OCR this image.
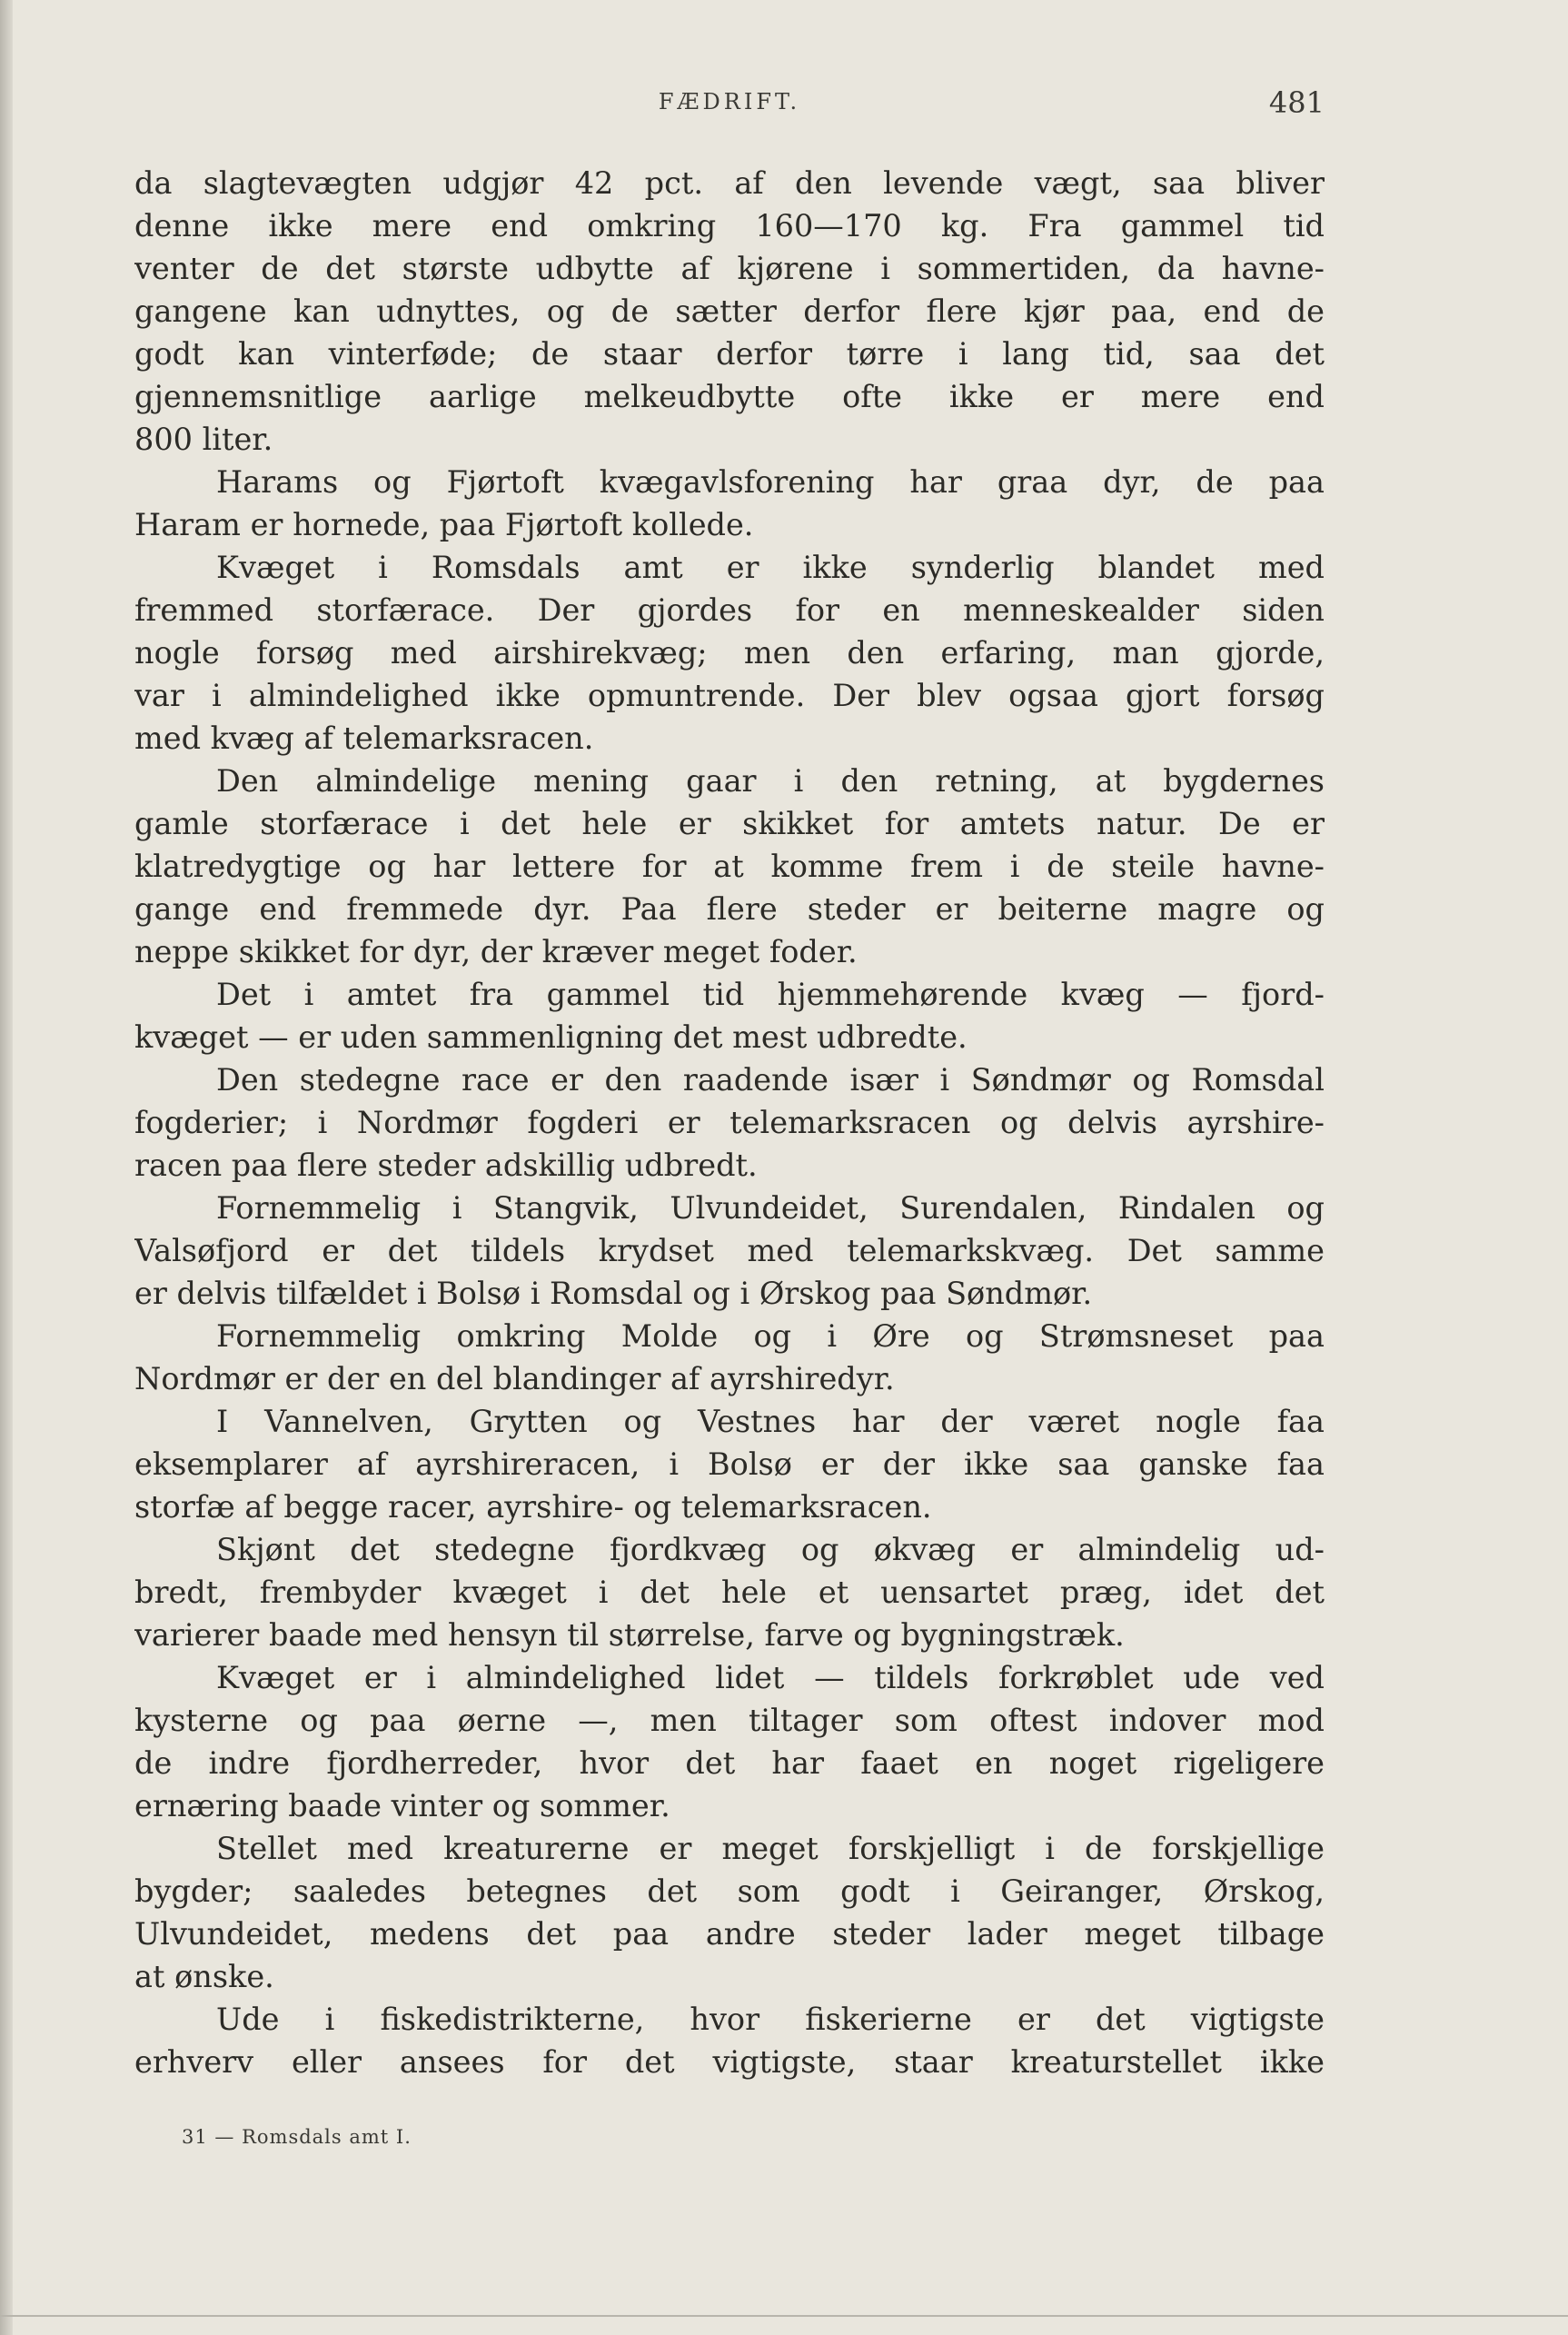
FÆDRIFT.	481
da slagtevægten udgjør 42 pct. af den levende vægt, saa bliver
denne ikke mere end omkring 160—170 kg. Fra gammel tid
venter de det største udbytte af kjørene i sommertiden, da havne-
gangene kan udnyttes, og de sætter derfor flere kjør paa, end de
godt kan vinterføde; de staar derfor tørre i lang tid, saa det
gjennemsnitlige aarlige melkeudbytte ofte ikke er mere end
800 liter.
Harams og Fjørtoft kvægavlsforening har graa dyr, de paa
Haram er hornede, paa Fjørtoft kollede.
Kvæget i Romsdals amt er ikke synderlig blandet med
fremmed storfærace. Der gjordes for en menneskealder siden
nogle forsøg med airshirekvæg; men den erfaring, man gjorde,
var i almindelighed ikke opmuntrende. Der blev ogsaa gjort forsøg
med kvæg af telemarksracen.
Den almindelige mening gaar i den retning, at bygdernes
gamle storfærace i det hele er skikket for amtets natur. De er
klatredygtige og har lettere for at komme frem i de steile havne-
gange end fremmede dyr. Paa flere steder er beiterne magre og
neppe skikket for dyr, der kræver meget foder.
Det i amtet fra gammel tid hjemmehørende kvæg — fjord-
kvæget — er uden sammenligning det mest udbredte.
Den stedegne race er den raadende især i Søndmør og Romsdal
fogderier; i Nordmør fogderi er telemarksracen og delvis ayrshire-
racen paa flere steder adskillig udbredt.
Fornemmelig i Stangvik, Ulvundeidet, Surendalen, Rindalen og
Valsøfjord er det tildels krydset med telemarkskvæg. Det samme
er delvis tilfældet i Bolsø i Romsdal og i Ørskog paa Søndmør.
Fornemmelig omkring Molde og i Øre og Strømsneset paa
Nordmør er der en del blandinger af ayrshiredyr.
I Vannelven, Grytten og Vestnes har der været nogle faa
eksemplarer af ayrshireracen, i Bolsø er der ikke saa ganske faa
storfæ af begge racer, ayrshire- og telemarksracen.
Skjønt det stedegne fjordkvæg og økvæg er almindelig ud-
bredt, frembyder kvæget i det hele et uensartet præg, idet det
varierer baade med hensyn til størrelse, farve og bygningstræk.
Kvæget er i almindelighed lidet — tildels forkrøblet ude ved
kysterne og paa øerne —, men tiltager som oftest indover mod
de indre fjordherreder, hvor det har faaet en noget rigeligere
ernæring baade vinter og sommer.
Stellet med kreaturerne er meget forskjelligt i de forskjellige
bygder; saaledes betegnes det som godt i Geiranger, Ørskog,
Ulvundeidet, medens det paa andre steder lader meget tilbage
at ønske.
Ude i fiskedistrikterne, hvor fiskerierne er det vigtigste
erhverv eller ansees for det vigtigste, staar kreaturstellet ikke
31 — Romsdals amt I.
